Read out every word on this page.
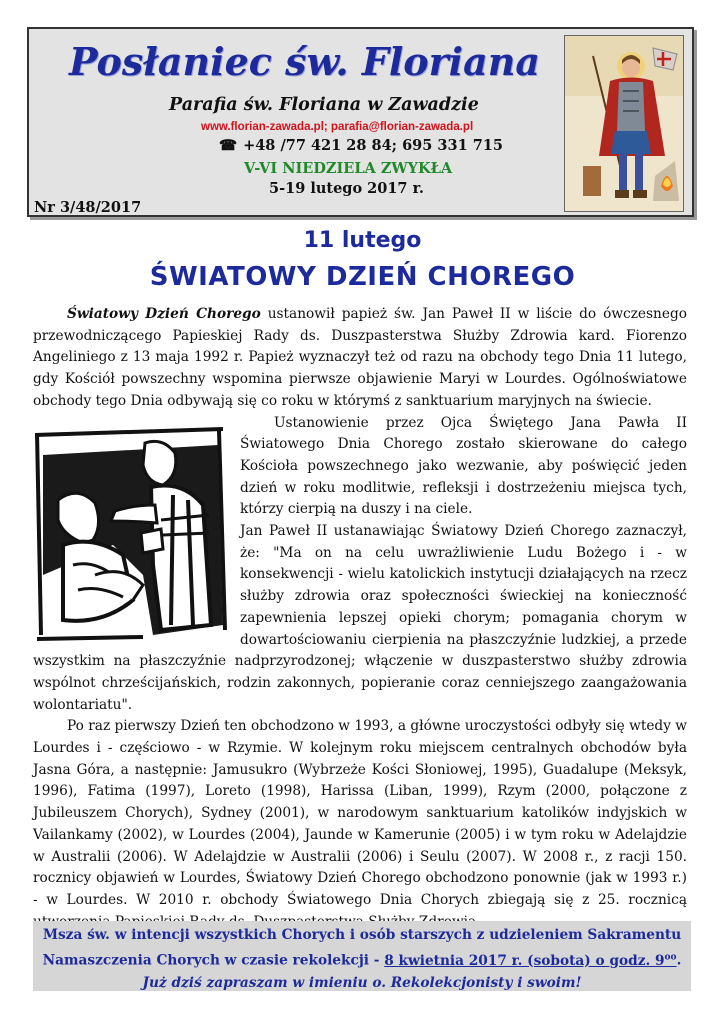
Posłaniec św. Floriana
Parafia św. Floriana w Zawadzie
www.florian-zawada.pl; parafia@florian-zawada.pl
☎ +48 /77 421 28 84; 695 331 715
V-VI NIEDZIELA ZWYKŁA
5-19 lutego 2017 r.
Nr 3/48/2017
11 lutego
ŚWIATOWY DZIEŃ CHOREGO

Światowy Dzień Chorego ustanowił papież św. Jan Paweł II w liście do ówczesnego przewodniczącego Papieskiej Rady ds. Duszpasterstwa Służby Zdrowia kard. Fiorenzo Angeliniego z 13 maja 1992 r. Papież wyznaczył też od razu na obchody tego Dnia 11 lutego, gdy Kościół powszechny wspomina pierwsze objawienie Maryi w Lourdes. Ogólnoświatowe obchody tego Dnia odbywają się co roku w którymś z sanktuarium maryjnych na świecie.

Ustanowienie przez Ojca Świętego Jana Pawła II Światowego Dnia Chorego zostało skierowane do całego Kościoła powszechnego jako wezwanie, aby poświęcić jeden dzień w roku modlitwie, refleksji i dostrzeżeniu miejsca tych, którzy cierpią na duszy i na ciele.

Jan Paweł II ustanawiając Światowy Dzień Chorego zaznaczył, że: "Ma on na celu uwrażliwienie Ludu Bożego i - w konsekwencji - wielu katolickich instytucji działających na rzecz służby zdrowia oraz społeczności świeckiej na konieczność zapewnienia lepszej opieki chorym; pomagania chorym w dowartościowaniu cierpienia na płaszczyźnie ludzkiej, a przede wszystkim na płaszczyźnie nadprzyrodzonej; włączenie w duszpasterstwo służby zdrowia wspólnot chrześcijańskich, rodzin zakonnych, popieranie coraz cenniejszego zaangażowania wolontariatu".

Po raz pierwszy Dzień ten obchodzono w 1993, a główne uroczystości odbyły się wtedy w Lourdes i - częściowo - w Rzymie. W kolejnym roku miejscem centralnych obchodów była Jasna Góra, a następnie: Jamusukro (Wybrzeże Kości Słoniowej, 1995), Guadalupe (Meksyk, 1996), Fatima (1997), Loreto (1998), Harissa (Liban, 1999), Rzym (2000, połączone z Jubileuszem Chorych), Sydney (2001), w narodowym sanktuarium katolików indyjskich w Vailankamy (2002), w Lourdes (2004), Jaunde w Kamerunie (2005) i w tym roku w Adelajdzie w Australii (2006). W Adelajdzie w Australii (2006) i Seulu (2007). W 2008 r., z racji 150. rocznicy objawień w Lourdes, Światowy Dzień Chorego obchodzono ponownie (jak w 1993 r.) - w Lourdes. W 2010 r. obchody Światowego Dnia Chorych zbiegają się z 25. rocznicą

Msza św. w intencji wszystkich Chorych i osób starszych z udzieleniem Sakramentu
Namaszczenia Chorych w czasie rekolekcji - 8 kwietnia 2017 r. (sobota) o godz. $9^{oo}$.
Już dziś zapraszam w imieniu o. Rekolekcjonisty i swoim!
